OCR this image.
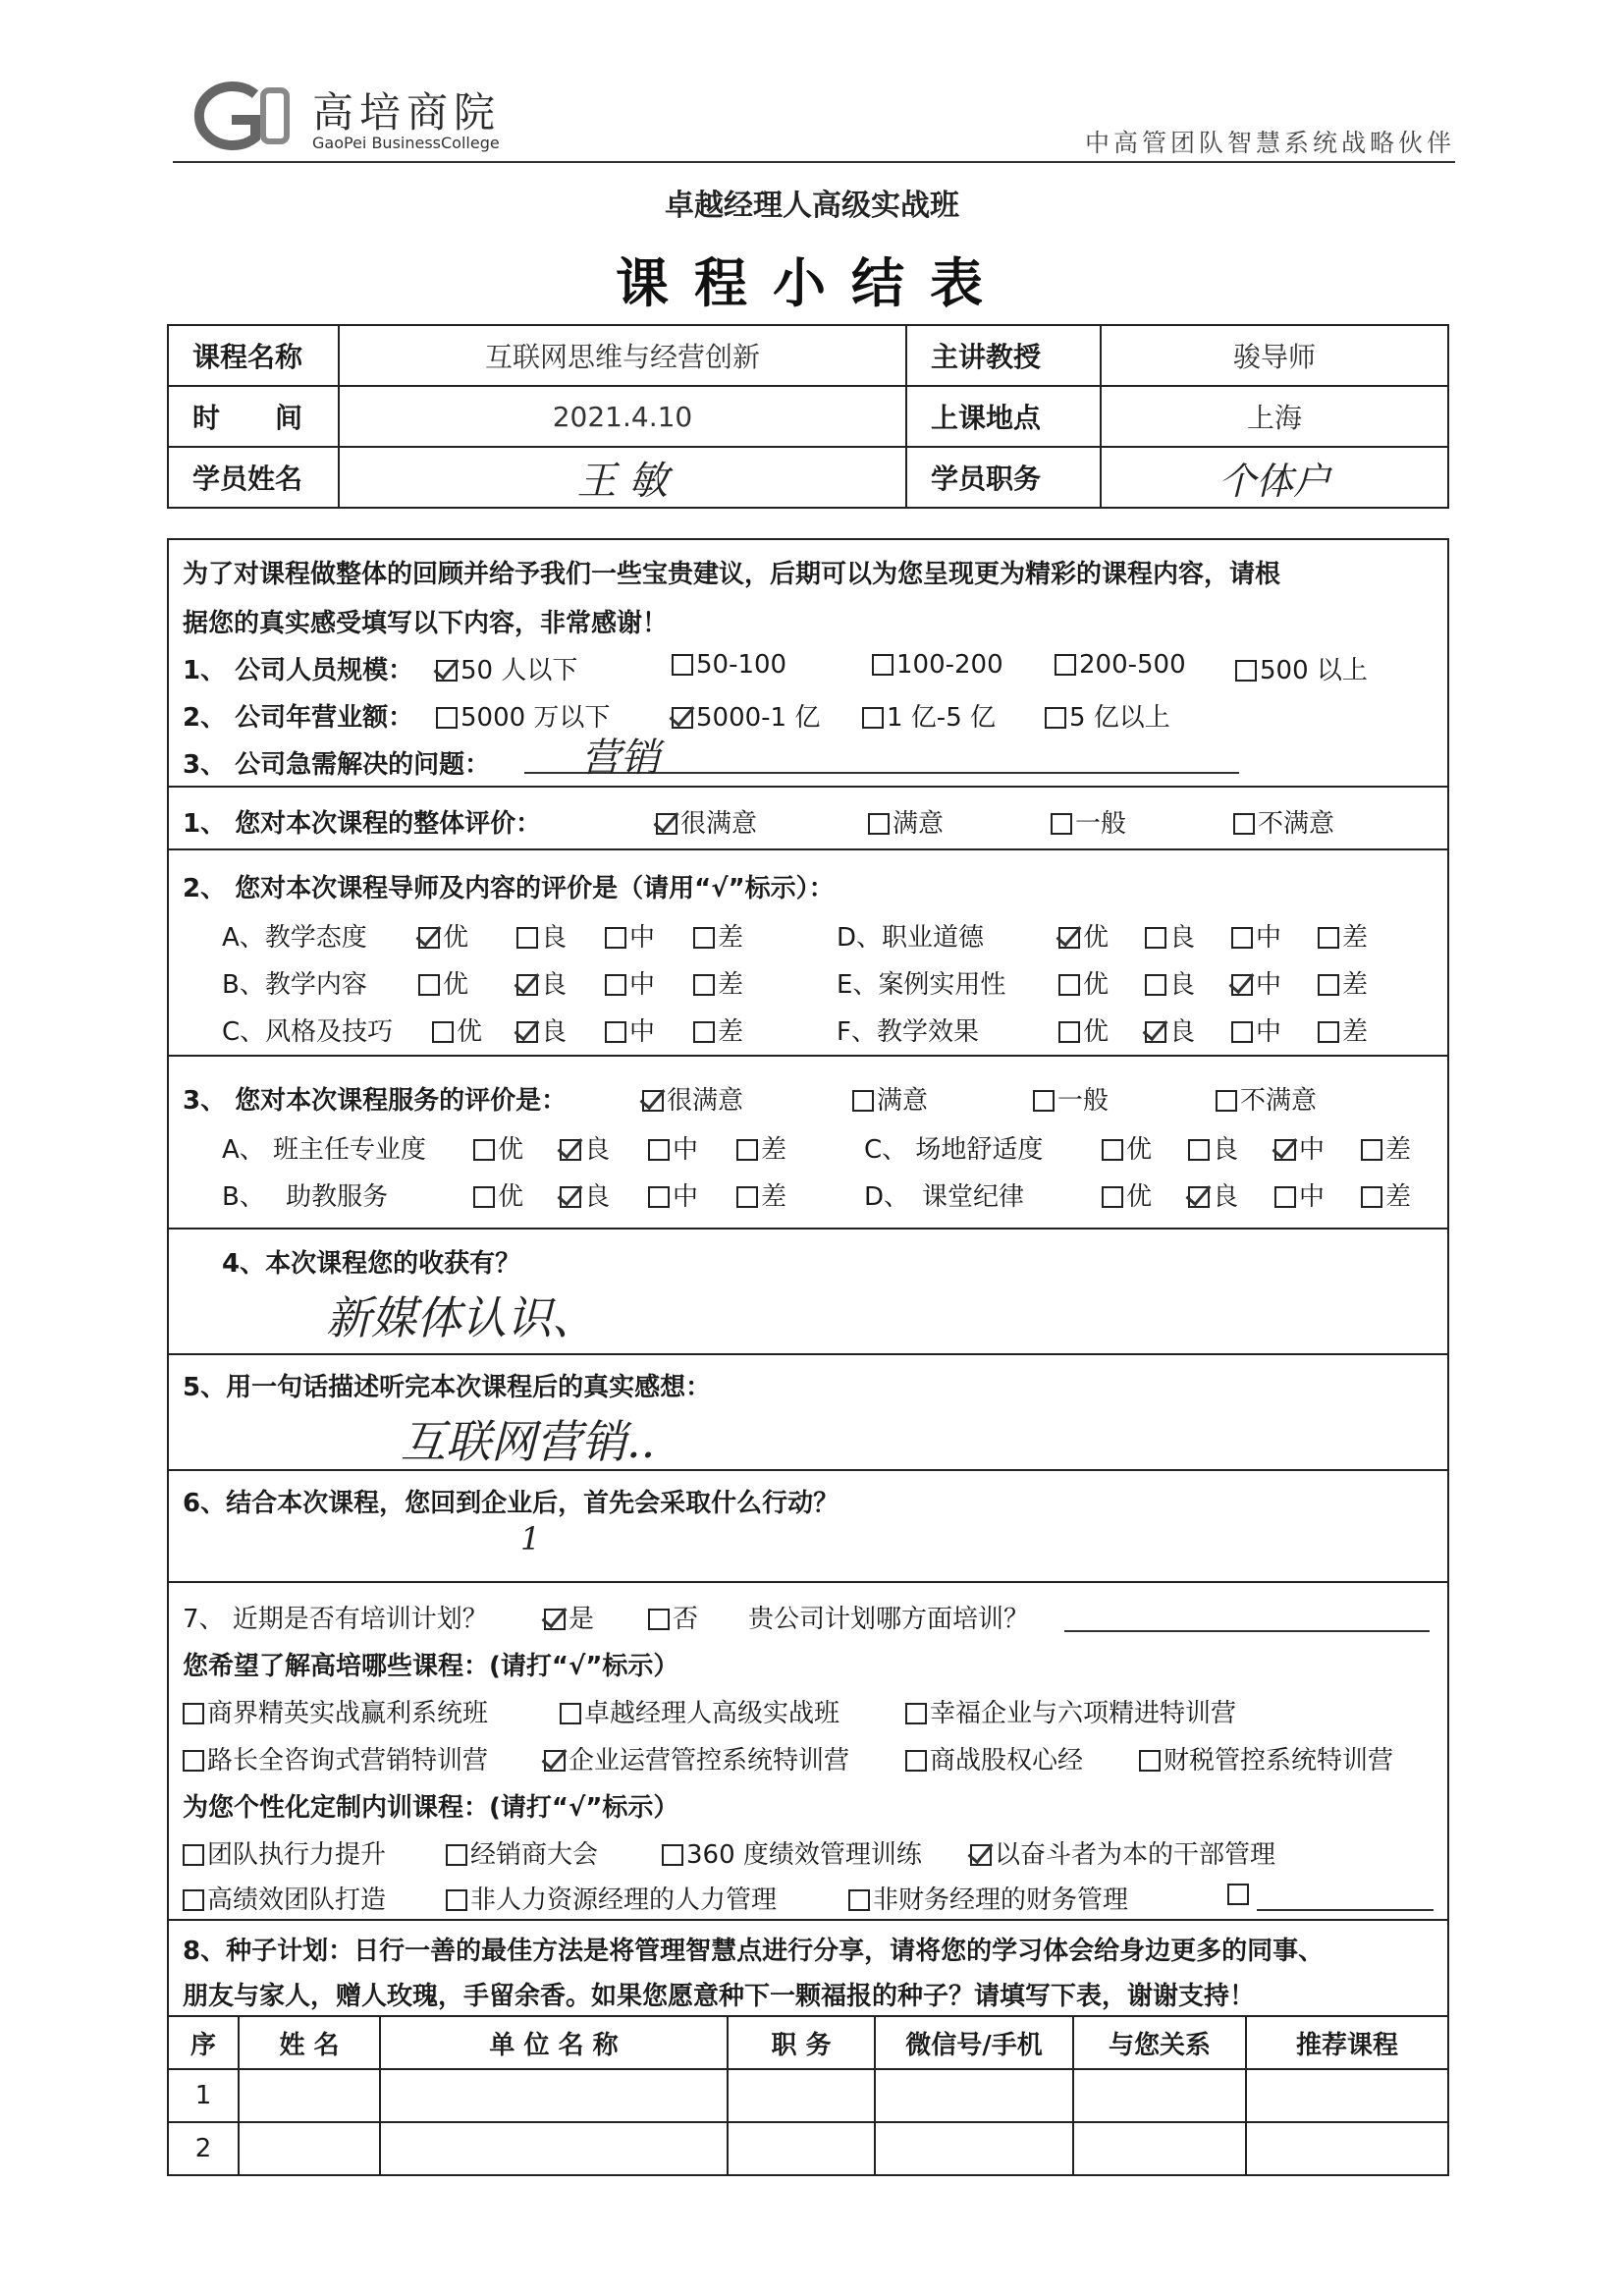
高培商院
GaoPei BusinessCollege	中高管团队智慧系统战略伙伴
卓越经理人高级实战班
课程小结表
课程名称	互联网思维与经营创新	主讲教授	骏导师
时　　间	2021.4.10	上课地点	上海
学员姓名	王 敏	学员职务	个体户
为了对课程做整体的回顾并给予我们一些宝贵建议，后期可以为您呈现更为精彩的课程内容，请根
据您的真实感受填写以下内容，非常感谢！
1、 公司人员规模：	50 人以下	50-100	100-200	200-500	500 以上
2、 公司年营业额：	5000 万以下	5000-1 亿	1 亿-5 亿	5 亿以上
3、 公司急需解决的问题： 营销
1、 您对本次课程的整体评价：	很满意	满意	一般	不满意
2、 您对本次课程导师及内容的评价是（请用“√”标示）：
A、教学态度	优	良	中	差	D、职业道德	优	良	中	差
B、教学内容	优	良	中	差	E、案例实用性	优	良	中	差
C、风格及技巧	优	良	中	差	F、教学效果	优	良	中	差
3、 您对本次课程服务的评价是：	很满意	满意	一般	不满意
A、 班主任专业度	优	良	中	差	C、 场地舒适度	优	良	中	差
B、　 助教服务	优	良	中	差	D、　课堂纪律	优	良	中	差
4、本次课程您的收获有？
新媒体认识、
5、用一句话描述听完本次课程后的真实感想：
互联网营销..
6、结合本次课程，您回到企业后，首先会采取什么行动？
1
7、 近期是否有培训计划？	是	否 贵公司计划哪方面培训？
您希望了解高培哪些课程：(请打“√”标示）
商界精英实战赢利系统班	卓越经理人高级实战班	幸福企业与六项精进特训营
路长全咨询式营销特训营	企业运营管控系统特训营	商战股权心经	财税管控系统特训营
为您个性化定制内训课程：(请打“√”标示）
团队执行力提升	经销商大会	360 度绩效管理训练	以奋斗者为本的干部管理
高绩效团队打造	非人力资源经理的人力管理	非财务经理的财务管理
8、种子计划：日行一善的最佳方法是将管理智慧点进行分享，请将您的学习体会给身边更多的同事、
朋友与家人，赠人玫瑰，手留余香。如果您愿意种下一颗福报的种子？请填写下表，谢谢支持！
序	姓 名	单 位 名 称	职 务	微信号/手机	与您关系	推荐课程
1						
2						
